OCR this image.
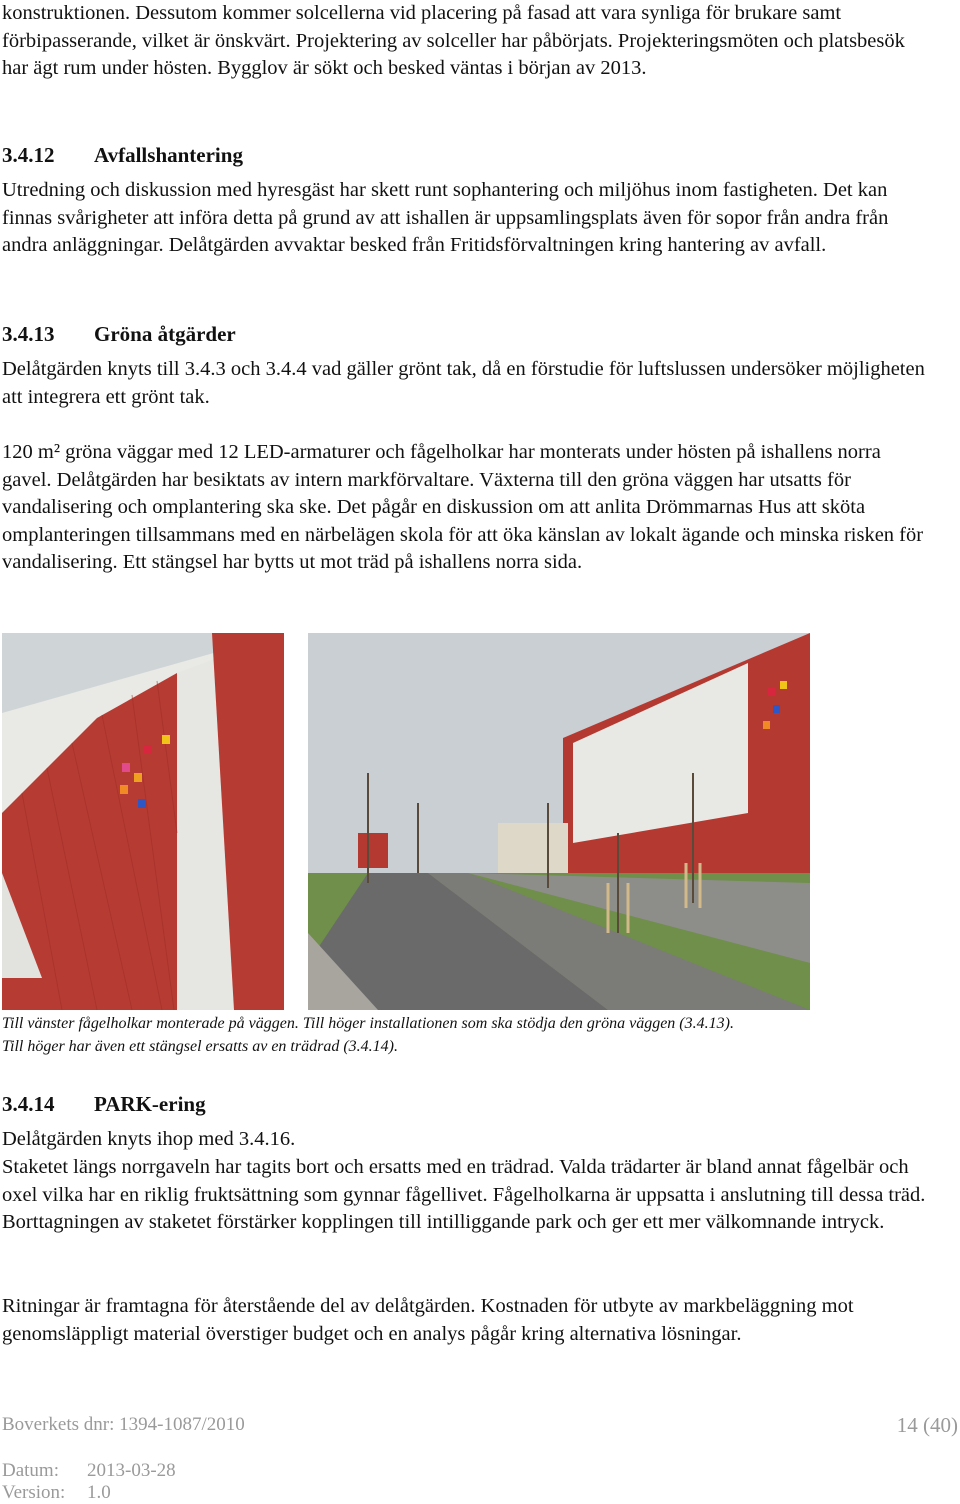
konstruktionen. Dessutom kommer solcellerna vid placering på fasad att vara synliga för brukare samt förbipasserande, vilket är önskvärt. Projektering av solceller har påbörjats. Projekteringsmöten och platsbesök har ägt rum under hösten. Bygglov är sökt och besked väntas i början av 2013.

3.4.12 Avfallshantering

Utredning och diskussion med hyresgäst har skett runt sophantering och miljöhus inom fastigheten. Det kan finnas svårigheter att införa detta på grund av att ishallen är uppsamlingsplats även för sopor från andra från andra anläggningar. Delåtgärden avvaktar besked från Fritidsförvaltningen kring hantering av avfall.

3.4.13 Gröna åtgärder

Delåtgärden knyts till 3.4.3 och 3.4.4 vad gäller grönt tak, då en förstudie för luftslussen undersöker möjligheten att integrera ett grönt tak.

120 m² gröna väggar med 12 LED-armaturer och fågelholkar har monterats under hösten på ishallens norra gavel. Delåtgärden har besiktats av intern markförvaltare. Växterna till den gröna väggen har utsatts för vandalisering och omplantering ska ske. Det pågår en diskussion om att anlita Drömmarnas Hus att sköta omplanteringen tillsammans med en närbelägen skola för att öka känslan av lokalt ägande och minska risken för vandalisering. Ett stängsel har bytts ut mot träd på ishallens norra sida.

Till vänster fågelholkar monterade på väggen. Till höger installationen som ska stödja den gröna väggen (3.4.13).
Till höger har även ett stängsel ersatts av en trädrad (3.4.14).
3.4.14 PARK-ering

Delåtgärden knyts ihop med 3.4.16.

Staketet längs norrgaveln har tagits bort och ersatts med en trädrad. Valda trädarter är bland annat fågelbär och oxel vilka har en riklig fruktsättning som gynnar fågellivet. Fågelholkarna är uppsatta i anslutning till dessa träd. Borttagningen av staketet förstärker kopplingen till intilliggande park och ger ett mer välkomnande intryck.

Ritningar är framtagna för återstående del av delåtgärden. Kostnaden för utbyte av markbeläggning mot genomsläppligt material överstiger budget och en analys pågår kring alternativa lösningar.

Boverkets dnr: 1394-1087/2010	14 (40)
Datum: 2013-03-28
Version: 1.0
